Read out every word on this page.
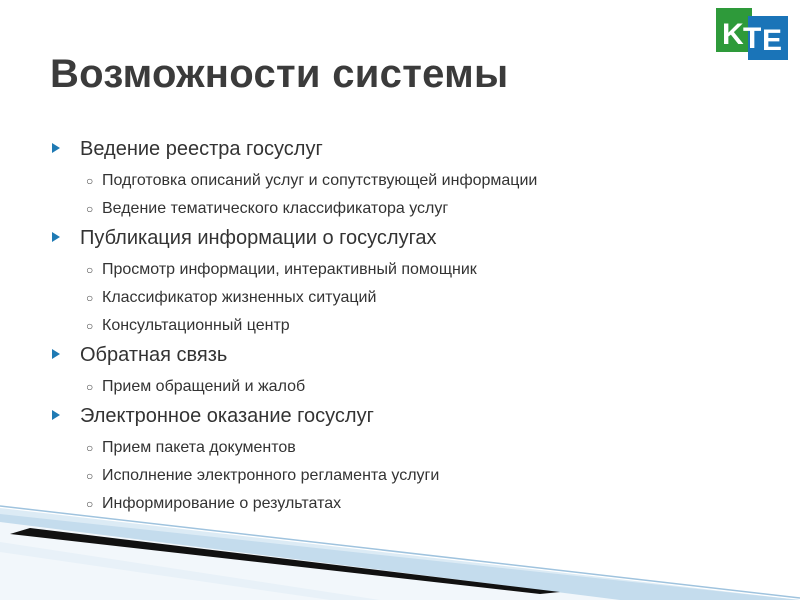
K T E
Возможности системы
Ведение реестра госуслуг
○ Подготовка описаний услуг и сопутствующей информации
○ Ведение тематического классификатора услуг
Публикация информации о госуслугах
○ Просмотр информации, интерактивный помощник
○ Классификатор жизненных ситуаций
○ Консультационный центр
Обратная связь
○ Прием обращений и жалоб
Электронное оказание госуслуг
○ Прием пакета документов
○ Исполнение электронного регламента услуги
○ Информирование о результатах
